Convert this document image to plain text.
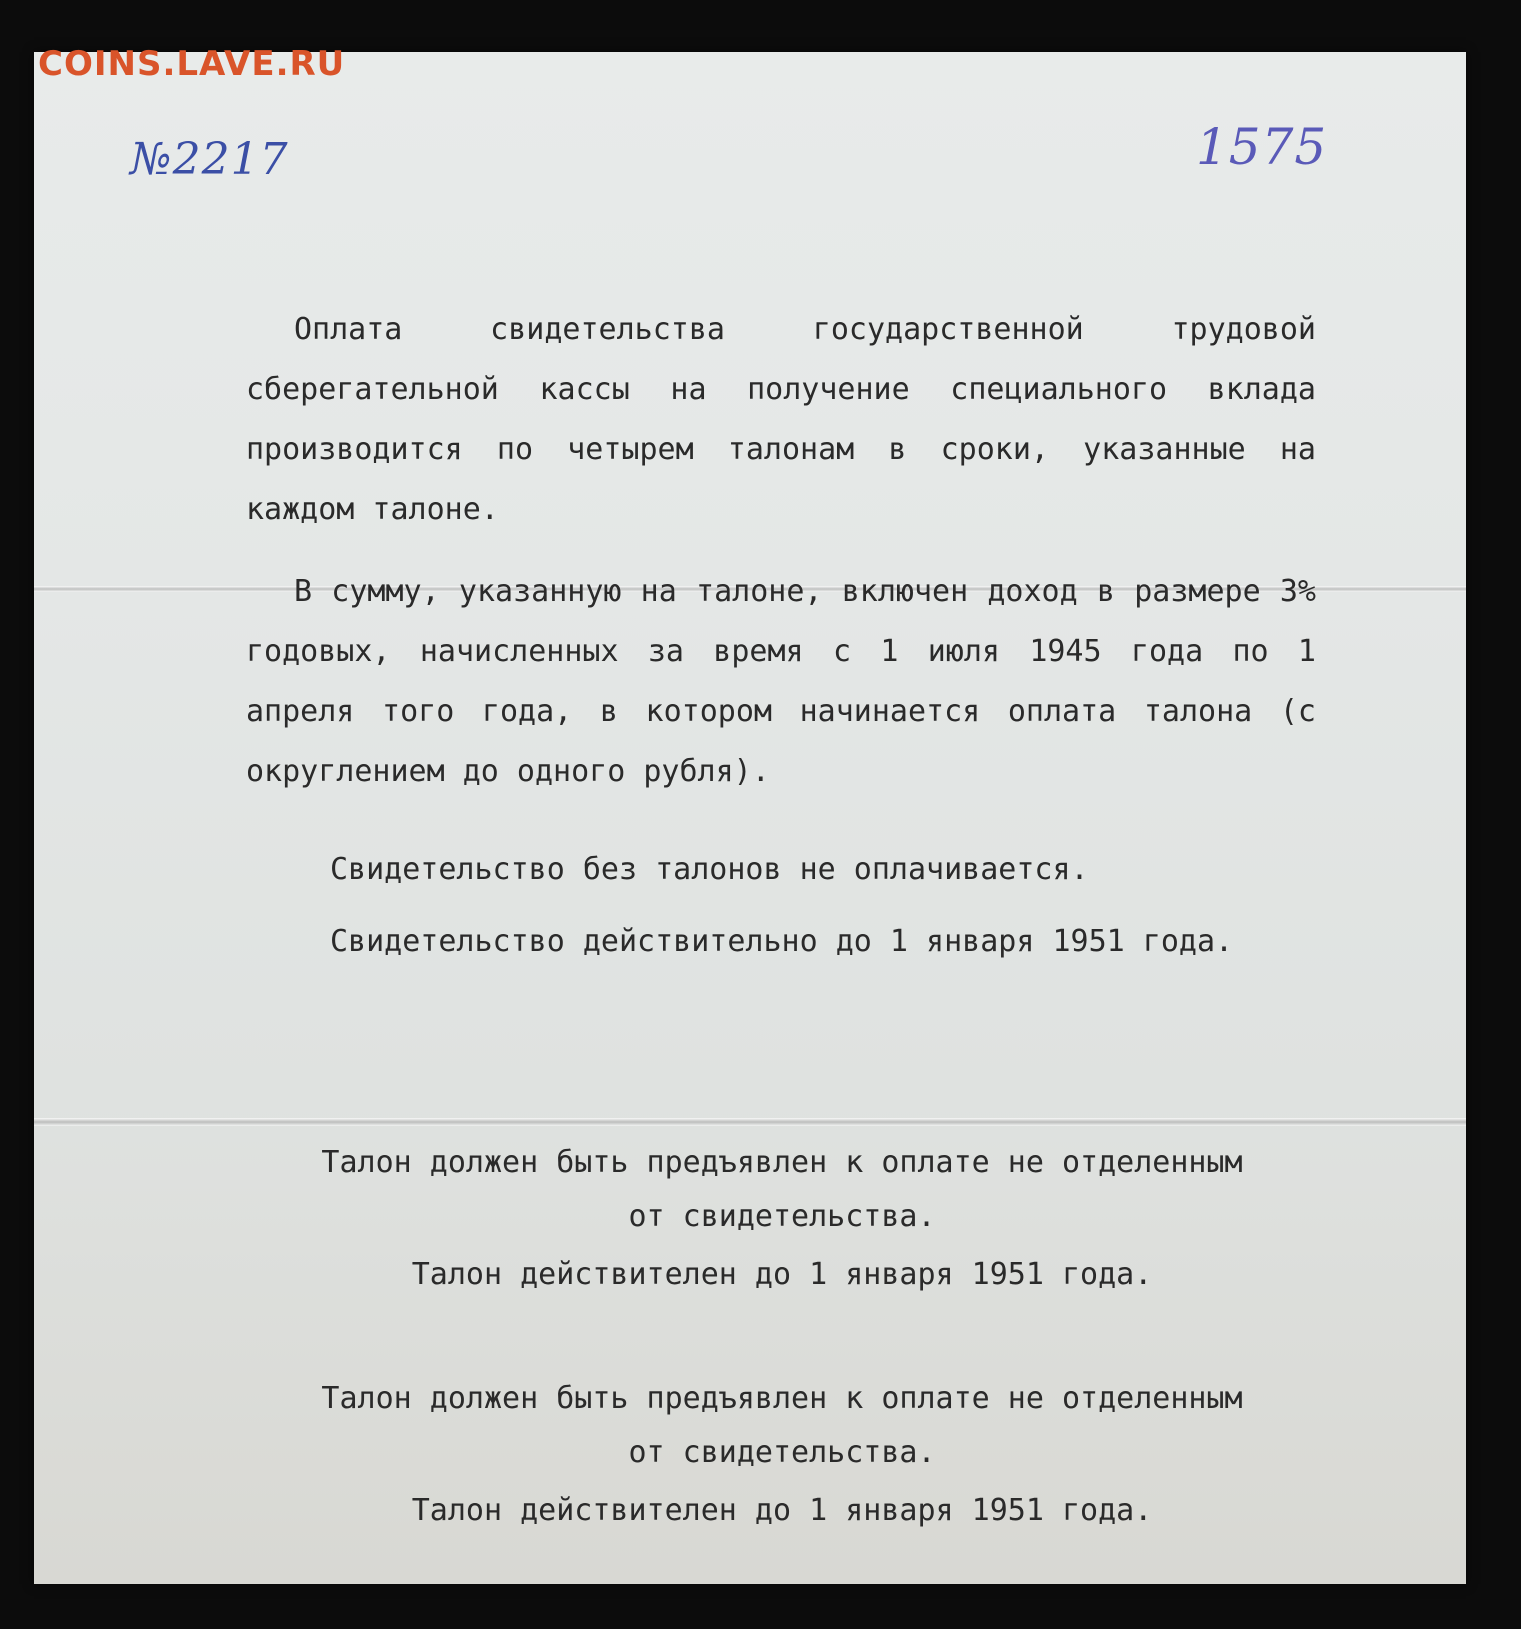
COINS.LAVE.RU
№2217	1575

Оплата свидетельства государственной трудовой сберегательной кассы на получение специального вклада производится по четырем талонам в сроки, указанные на каждом талоне.

В сумму, указанную на талоне, включен доход в размере 3% годовых, начисленных за время с 1 июля 1945 года по 1 апреля того года, в котором начинается оплата талона (с округлением до одного рубля).

Свидетельство без талонов не оплачивается.
Свидетельство действительно до 1 января 1951 года.
Талон должен быть предъявлен к оплате не отделенным
от свидетельства.
Талон действителен до 1 января 1951 года.
Талон должен быть предъявлен к оплате не отделенным
от свидетельства.
Талон действителен до 1 января 1951 года.
